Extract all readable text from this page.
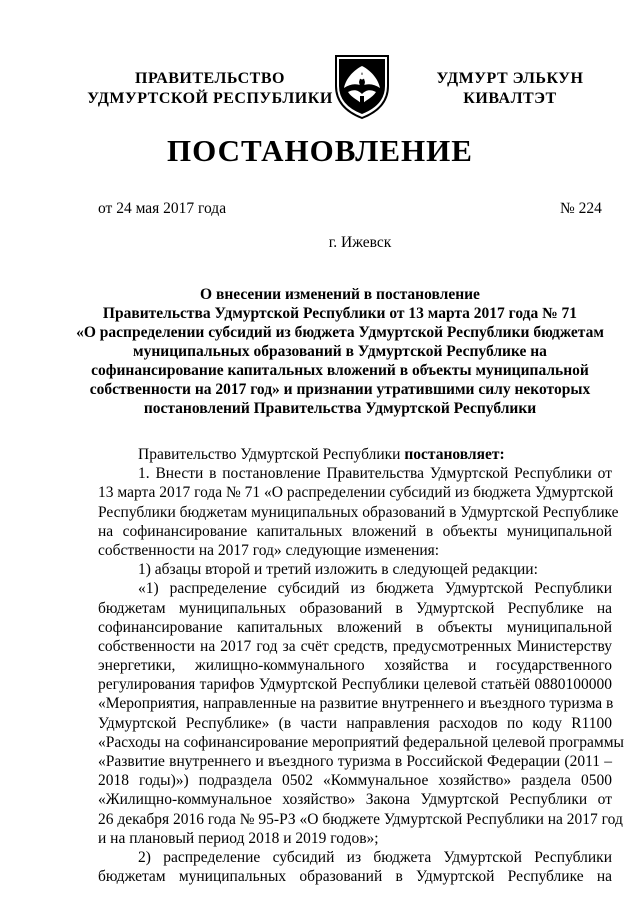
ПРАВИТЕЛЬСТВО
УДМУРТСКОЙ РЕСПУБЛИКИ
УДМУРТ ЭЛЬКУН
КИВАЛТЭТ
ПОСТАНОВЛЕНИЕ
от 24 мая 2017 года	№ 224
г. Ижевск
О внесении изменений в постановление
Правительства Удмуртской Республики от 13 марта 2017 года № 71
«О распределении субсидий из бюджета Удмуртской Республики бюджетам
муниципальных образований в Удмуртской Республике на
софинансирование капитальных вложений в объекты муниципальной
собственности на 2017 год» и признании утратившими силу некоторых
постановлений Правительства Удмуртской Республики
Правительство Удмуртской Республики постановляет:
1. Внести в постановление Правительства Удмуртской Республики от
13 марта 2017 года № 71 «О распределении субсидий из бюджета Удмуртской
Республики бюджетам муниципальных образований в Удмуртской Республике
на софинансирование капитальных вложений в объекты муниципальной
собственности на 2017 год» следующие изменения:
1) абзацы второй и третий изложить в следующей редакции:
«1) распределение субсидий из бюджета Удмуртской Республики
бюджетам муниципальных образований в Удмуртской Республике на
софинансирование капитальных вложений в объекты муниципальной
собственности на 2017 год за счёт средств, предусмотренных Министерству
энергетики, жилищно-коммунального хозяйства и государственного
регулирования тарифов Удмуртской Республики целевой статьёй 0880100000
«Мероприятия, направленные на развитие внутреннего и въездного туризма в
Удмуртской Республике» (в части направления расходов по коду R1100
«Расходы на софинансирование мероприятий федеральной целевой программы
«Развитие внутреннего и въездного туризма в Российской Федерации (2011 –
2018 годы)») подраздела 0502 «Коммунальное хозяйство» раздела 0500
«Жилищно-коммунальное хозяйство» Закона Удмуртской Республики от
26 декабря 2016 года № 95-РЗ «О бюджете Удмуртской Республики на 2017 год
и на плановый период 2018 и 2019 годов»;
2) распределение субсидий из бюджета Удмуртской Республики
бюджетам муниципальных образований в Удмуртской Республике на
